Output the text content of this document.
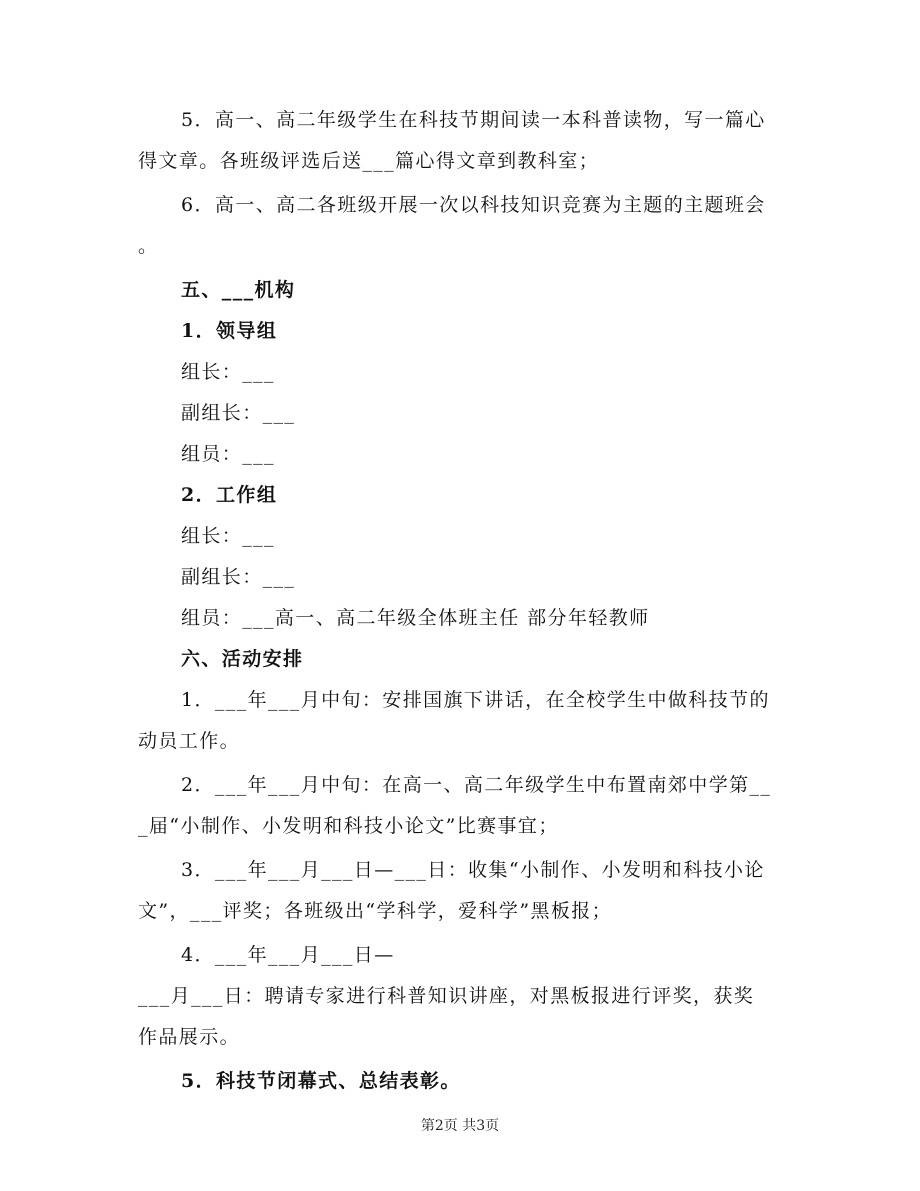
5．高一、高二年级学生在科技节期间读一本科普读物，写一篇心

得文章。各班级评选后送___篇心得文章到教科室；

6．高一、高二各班级开展一次以科技知识竞赛为主题的主题班会

。

五、___机构

1．领导组

组长：___

副组长：___

组员：___

2．工作组

组长：___

副组长：___

组员：___高一、高二年级全体班主任 部分年轻教师

六、活动安排

1．___年___月中旬：安排国旗下讲话，在全校学生中做科技节的

动员工作。

2．___年___月中旬：在高一、高二年级学生中布置南郊中学第__

_届“小制作、小发明和科技小论文”比赛事宜；

3．___年___月___日—___日：收集“小制作、小发明和科技小论

文”，___评奖；各班级出“学科学，爱科学”黑板报；

4．___年___月___日—

___月___日：聘请专家进行科普知识讲座，对黑板报进行评奖，获奖

作品展示。

5．科技节闭幕式、总结表彰。

第2页 共3页
